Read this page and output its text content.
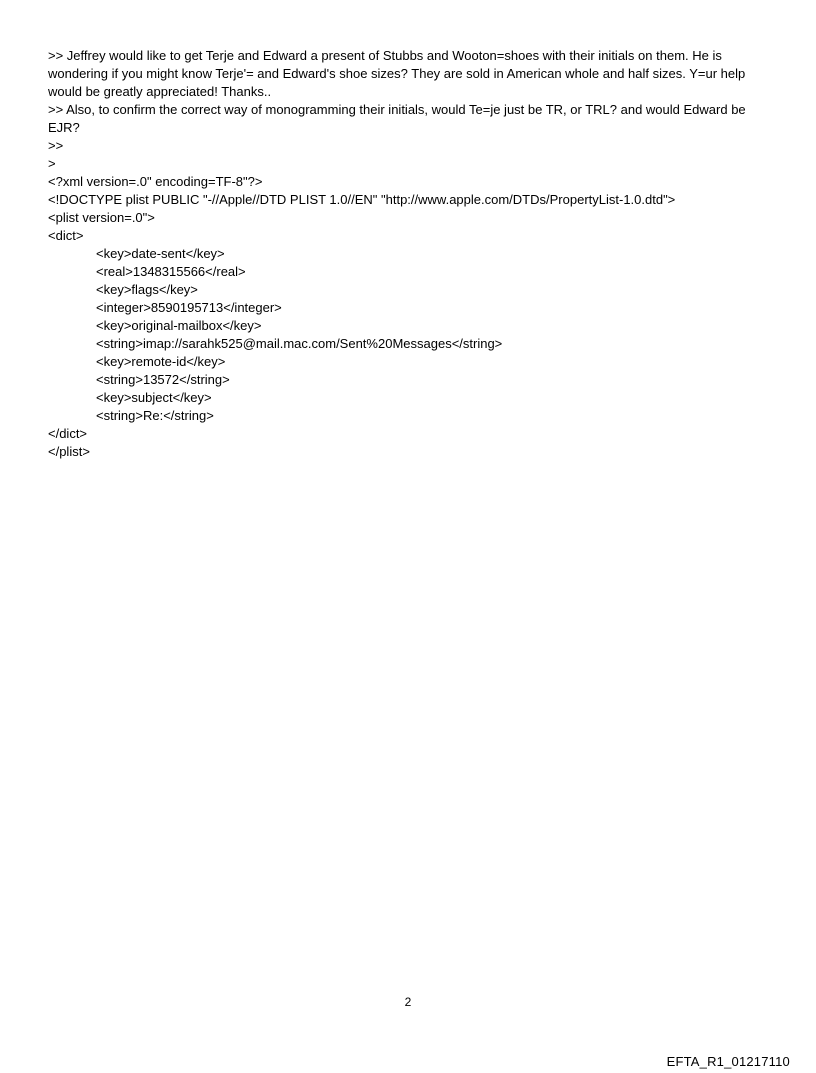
>> Jeffrey would like to get Terje and Edward a present of Stubbs and Wooton=shoes with their initials on them. He is wondering if you might know Terje'= and Edward's shoe sizes? They are sold in American whole and half sizes. Y=ur help would be greatly appreciated! Thanks..

>> Also, to confirm the correct way of monogramming their initials, would Te=je just be TR, or TRL? and would Edward be EJR?

>>

>

<?xml version=.0" encoding=TF-8"?>

<!DOCTYPE plist PUBLIC "-//Apple//DTD PLIST 1.0//EN" "http://www.apple.com/DTDs/PropertyList-1.0.dtd">

<plist version=.0">

<dict>

<key>date-sent</key>

<real>1348315566</real>

<key>flags</key>

<integer>8590195713</integer>

<key>original-mailbox</key>

<string>imap://sarahk525@mail.mac.com/Sent%20Messages</string>

<key>remote-id</key>

<string>13572</string>

<key>subject</key>

<string>Re:</string>

</dict>

</plist>

2
EFTA_R1_01217110
